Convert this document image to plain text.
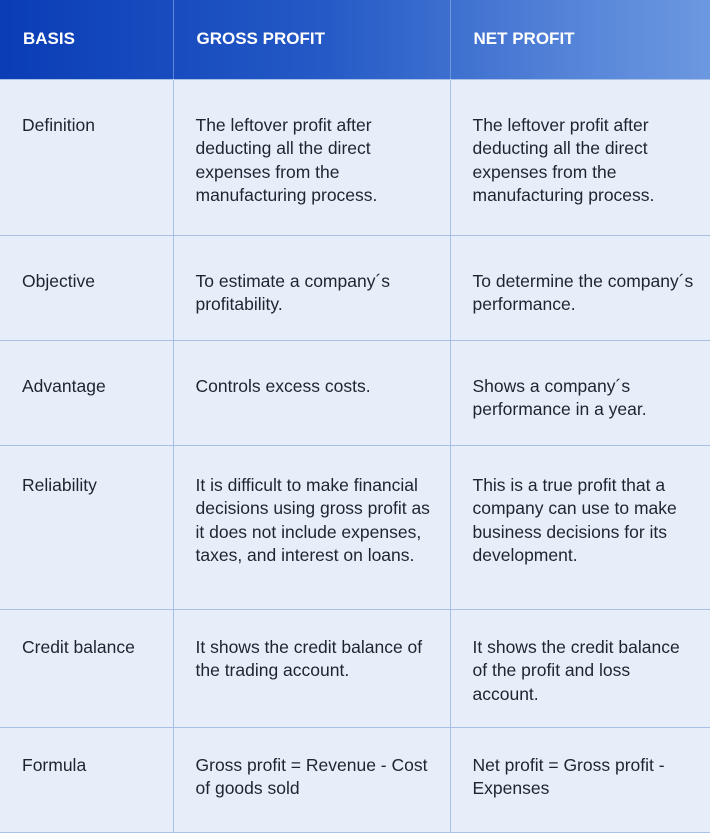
BASIS	GROSS PROFIT	NET PROFIT
Definition	The leftover profit after deducting all the direct expenses from the manufacturing process.	The leftover profit after deducting all the direct expenses from the manufacturing process.
Objective	To estimate a company´s profitability.	To determine the company´s performance.
Advantage	Controls excess costs.	Shows a company´s performance in a year.
Reliability	It is difficult to make financial decisions using gross profit as it does not include expenses, taxes, and interest on loans.	This is a true profit that a company can use to make business decisions for its development.
Credit balance	It shows the credit balance of the trading account.	It shows the credit balance of the profit and loss account.
Formula	Gross profit = Revenue - Cost of goods sold	Net profit = Gross profit - Expenses
